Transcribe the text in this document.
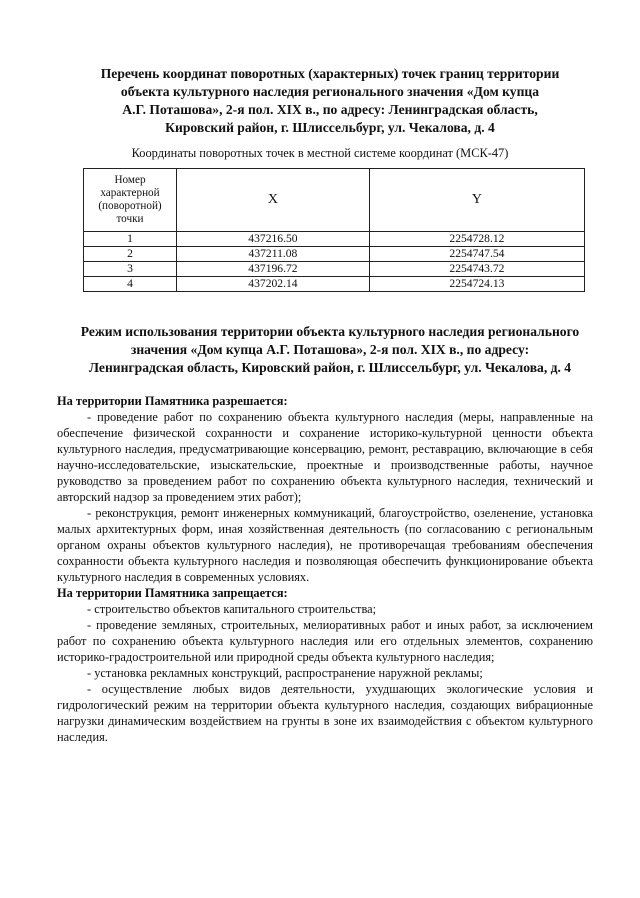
Перечень координат поворотных (характерных) точек границ территории
объекта культурного наследия регионального значения «Дом купца
А.Г. Поташова», 2-я пол. XIX в., по адресу: Ленинградская область,
Кировский район, г. Шлиссельбург, ул. Чекалова, д. 4
Координаты поворотных точек в местной системе координат (МСК-47)
Номер
характерной
(поворотной)
точки	X	Y
1	437216.50	2254728.12
2	437211.08	2254747.54
3	437196.72	2254743.72
4	437202.14	2254724.13
Режим использования территории объекта культурного наследия регионального
значения «Дом купца А.Г. Поташова», 2-я пол. XIX в., по адресу:
Ленинградская область, Кировский район, г. Шлиссельбург, ул. Чекалова, д. 4

На территории Памятника разрешается:

- проведение работ по сохранению объекта культурного наследия (меры, направленные на обеспечение физической сохранности и сохранение историко-культурной ценности объекта культурного наследия, предусматривающие консервацию, ремонт, реставрацию, включающие в себя научно-исследовательские, изыскательские, проектные и производственные работы, научное руководство за проведением работ по сохранению объекта культурного наследия, технический и авторский надзор за проведением этих работ);

- реконструкция, ремонт инженерных коммуникаций, благоустройство, озеленение, установка малых архитектурных форм, иная хозяйственная деятельность (по согласованию с региональным органом охраны объектов культурного наследия), не противоречащая требованиям обеспечения сохранности объекта культурного наследия и позволяющая обеспечить функционирование объекта культурного наследия в современных условиях.

На территории Памятника запрещается:

- строительство объектов капитального строительства;

- проведение земляных, строительных, мелиоративных работ и иных работ, за исключением работ по сохранению объекта культурного наследия или его отдельных элементов, сохранению историко-градостроительной или природной среды объекта культурного наследия;

- установка рекламных конструкций, распространение наружной рекламы;

- осуществление любых видов деятельности, ухудшающих экологические условия и гидрологический режим на территории объекта культурного наследия, создающих вибрационные нагрузки динамическим воздействием на грунты в зоне их взаимодействия с объектом культурного наследия.
